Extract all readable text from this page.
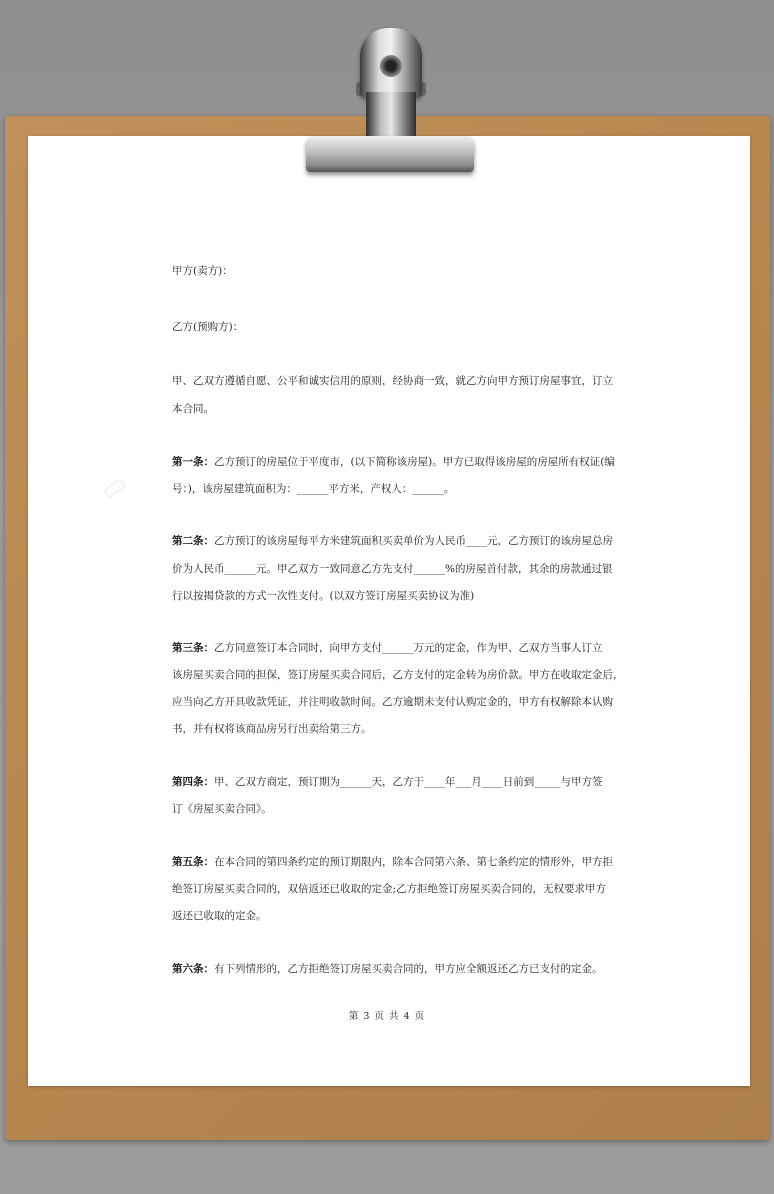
▭
甲方(卖方)：
乙方(预购方)：
甲、乙双方遵循自愿、公平和诚实信用的原则，经协商一致，就乙方向甲方预订房屋事宜，订立
本合同。
第一条：乙方预订的房屋位于平度市，(以下简称该房屋)。甲方已取得该房屋的房屋所有权证(编
号：)，该房屋建筑面积为：______平方米，产权人：______。
第二条：乙方预订的该房屋每平方米建筑面积买卖单价为人民币____元，乙方预订的该房屋总房
价为人民币______元。甲乙双方一致同意乙方先支付______%的房屋首付款，其余的房款通过银
行以按揭贷款的方式一次性支付。(以双方签订房屋买卖协议为准)
第三条：乙方同意签订本合同时，向甲方支付______万元的定金，作为甲、乙双方当事人订立
该房屋买卖合同的担保，签订房屋买卖合同后，乙方支付的定金转为房价款。甲方在收取定金后，
应当向乙方开具收款凭证，并注明收款时间。乙方逾期未支付认购定金的，甲方有权解除本认购
书，并有权将该商品房另行出卖给第三方。
第四条：甲、乙双方商定，预订期为______天，乙方于____年___月____日前到_____与甲方签
订《房屋买卖合同》。
第五条：在本合同的第四条约定的预订期限内，除本合同第六条、第七条约定的情形外，甲方拒
绝签订房屋买卖合同的，双倍返还已收取的定金;乙方拒绝签订房屋买卖合同的，无权要求甲方
返还已收取的定金。
第六条：有下列情形的，乙方拒绝签订房屋买卖合同的，甲方应全额返还乙方已支付的定金。
第 3 页 共 4 页
